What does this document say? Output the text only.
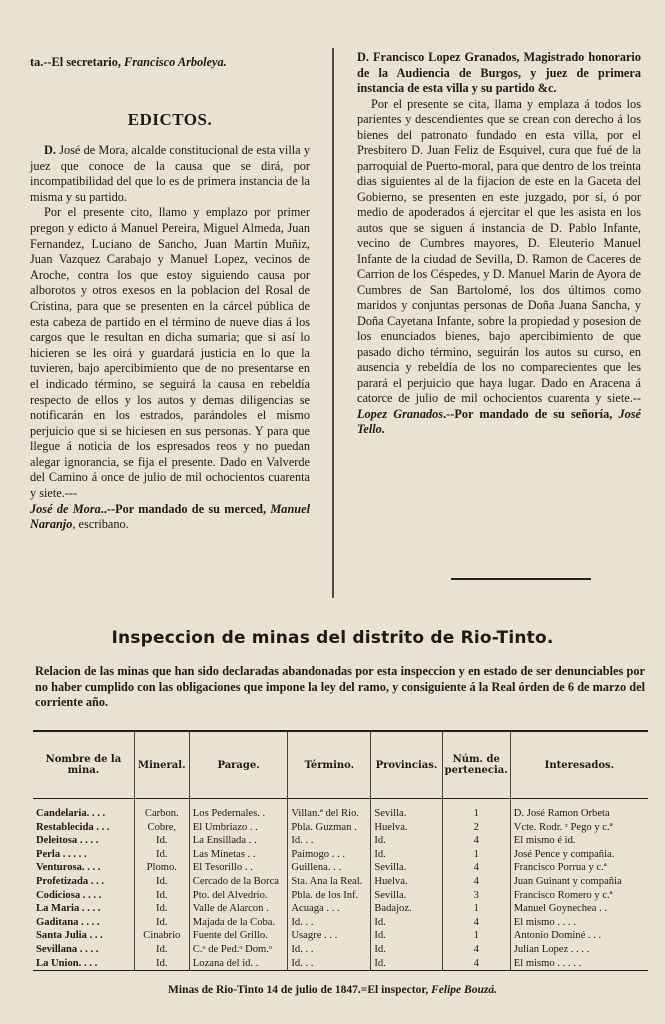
ta.--El secretario, Francisco Arboleya.
EDICTOS.

D. José de Mora, alcalde constitucional de esta villa y juez que conoce de la causa que se dirá, por incompatibilidad del que lo es de primera instancia de la misma y su partido.

Por el presente cito, llamo y emplazo por primer pregon y edicto á Manuel Pereira, Miguel Almeda, Juan Fernandez, Luciano de Sancho, Juan Martin Muñiz, Juan Vazquez Carabajo y Manuel Lopez, vecinos de Aroche, contra los que estoy siguiendo causa por alborotos y otros exesos en la poblacion del Rosal de Cristina, para que se presenten en la cárcel pública de esta cabeza de partido en el término de nueve dias á los cargos que le resultan en dicha sumaria; que si así lo hicieren se les oirá y guardará justicia en lo que la tuvieren, bajo apercibimiento que de no presentarse en el indicado término, se seguirá la causa en rebeldía respecto de ellos y los autos y demas diligencias se notificarán en los estrados, parándoles el mismo perjuicio que si se hiciesen en sus personas. Y para que llegue á noticia de los espresados reos y no puedan alegar ignorancia, se fija el presente. Dado en Valverde del Camino á once de julio de mil ochocientos cuarenta y siete.---
José de Mora..--Por mandado de su merced, Manuel Naranjo, escribano.

D. Francisco Lopez Granados, Magistrado honorario de la Audiencia de Burgos, y juez de primera instancia de esta villa y su partido &c.

Por el presente se cita, llama y emplaza á todos los parientes y descendientes que se crean con derecho á los bienes del patronato fundado en esta villa, por el Presbítero D. Juan Feliz de Esquivel, cura que fué de la parroquial de Puerto-moral, para que dentro de los treinta dias siguientes al de la fijacion de este en la Gaceta del Gobierno, se presenten en este juzgado, por sí, ó por medio de apoderados á ejercitar el que les asista en los autos que se siguen á instancia de D. Pablo Infante, vecino de Cumbres mayores, D. Eleuterio Manuel Infante de la ciudad de Sevilla, D. Ramon de Caceres de Carrion de los Céspedes, y D. Manuel Marin de Ayora de Cumbres de San Bartolomé, los dos últimos como maridos y conjuntas personas de Doña Juana Sancha, y Doña Cayetana Infante, sobre la propiedad y posesion de los enunciados bienes, bajo apercibimiento de que pasado dicho término, seguirán los autos su curso, en ausencia y rebeldía de los no comparecientes que les parará el perjuicio que haya lugar. Dado en Aracena á catorce de julio de mil ochocientos cuarenta y siete.--Lopez Granados.--Por mandado de su señoría, José Tello.

Inspeccion de minas del distrito de Rio-Tinto.
Relacion de las minas que han sido declaradas abandonadas por esta inspeccion y en estado de ser denunciables por no haber cumplido con las obligaciones que impone la ley del ramo, y consiguiente á la Real órden de 6 de marzo del corriente año.
Nombre de la mina.	Mineral.	Parage.	Término.	Provincias.	Núm. de pertenecia.	Interesados.
Candelaria. . . .	Carbon.	Los Pedernales. .	Villan.ª del Rio.	Sevilla.	1	D. José Ramon Orbeta
Restablecida . . .	Cobre,	El Umbriazo . .	Pbla. Guzman .	Huelva.	2	Vcte. Rodr. ᶻ Pego y c.ª
Deleitosa . . . .	Id.	La Ensillada . .	Id. . .	Id.	4	El mismo é id.
Perla . . . . .	Id.	Las Minetas . .	Paimogo . . .	Id.	1	José Pence y compañia.
Venturosa. . . .	Plomo.	El Tesorillo . .	Guillena. . .	Sevilla.	4	Francisco Porrua y c.ª
Profetizada . . .	Id.	Cercado de la Borca	Sta. Ana la Real.	Huelva.	4	Juan Guinant y compañia
Codiciosa . . . .	Id.	Pto. del Alvedrio.	Pbla. de los Inf.	Sevilla.	3	Francisco Romero y c.ª
La Maria . . . .	Id.	Valle de Alarcon .	Acuaga . . .	Badajoz.	1	Manuel Goynechea . .
Gaditana . . . .	Id.	Majada de la Coba.	Id. . .	Id.	4	El mismo . . . .
Santa Julia . . .	Cinabrio	Fuente del Grillo.	Usagre . . .	Id.	1	Antonio Dominé . . .
Sevillana . . . .	Id.	C.ᵒ de Ped.ᵒ Dom.ᵒ	Id. . .	Id.	4	Julian Lopez . . . .
La Union. . . .	Id.	Lozana del id. .	Id. . .	Id.	4	El mismo . . . . .
Minas de Rio-Tinto 14 de julio de 1847.=El inspector, Felipe Bouzá.
